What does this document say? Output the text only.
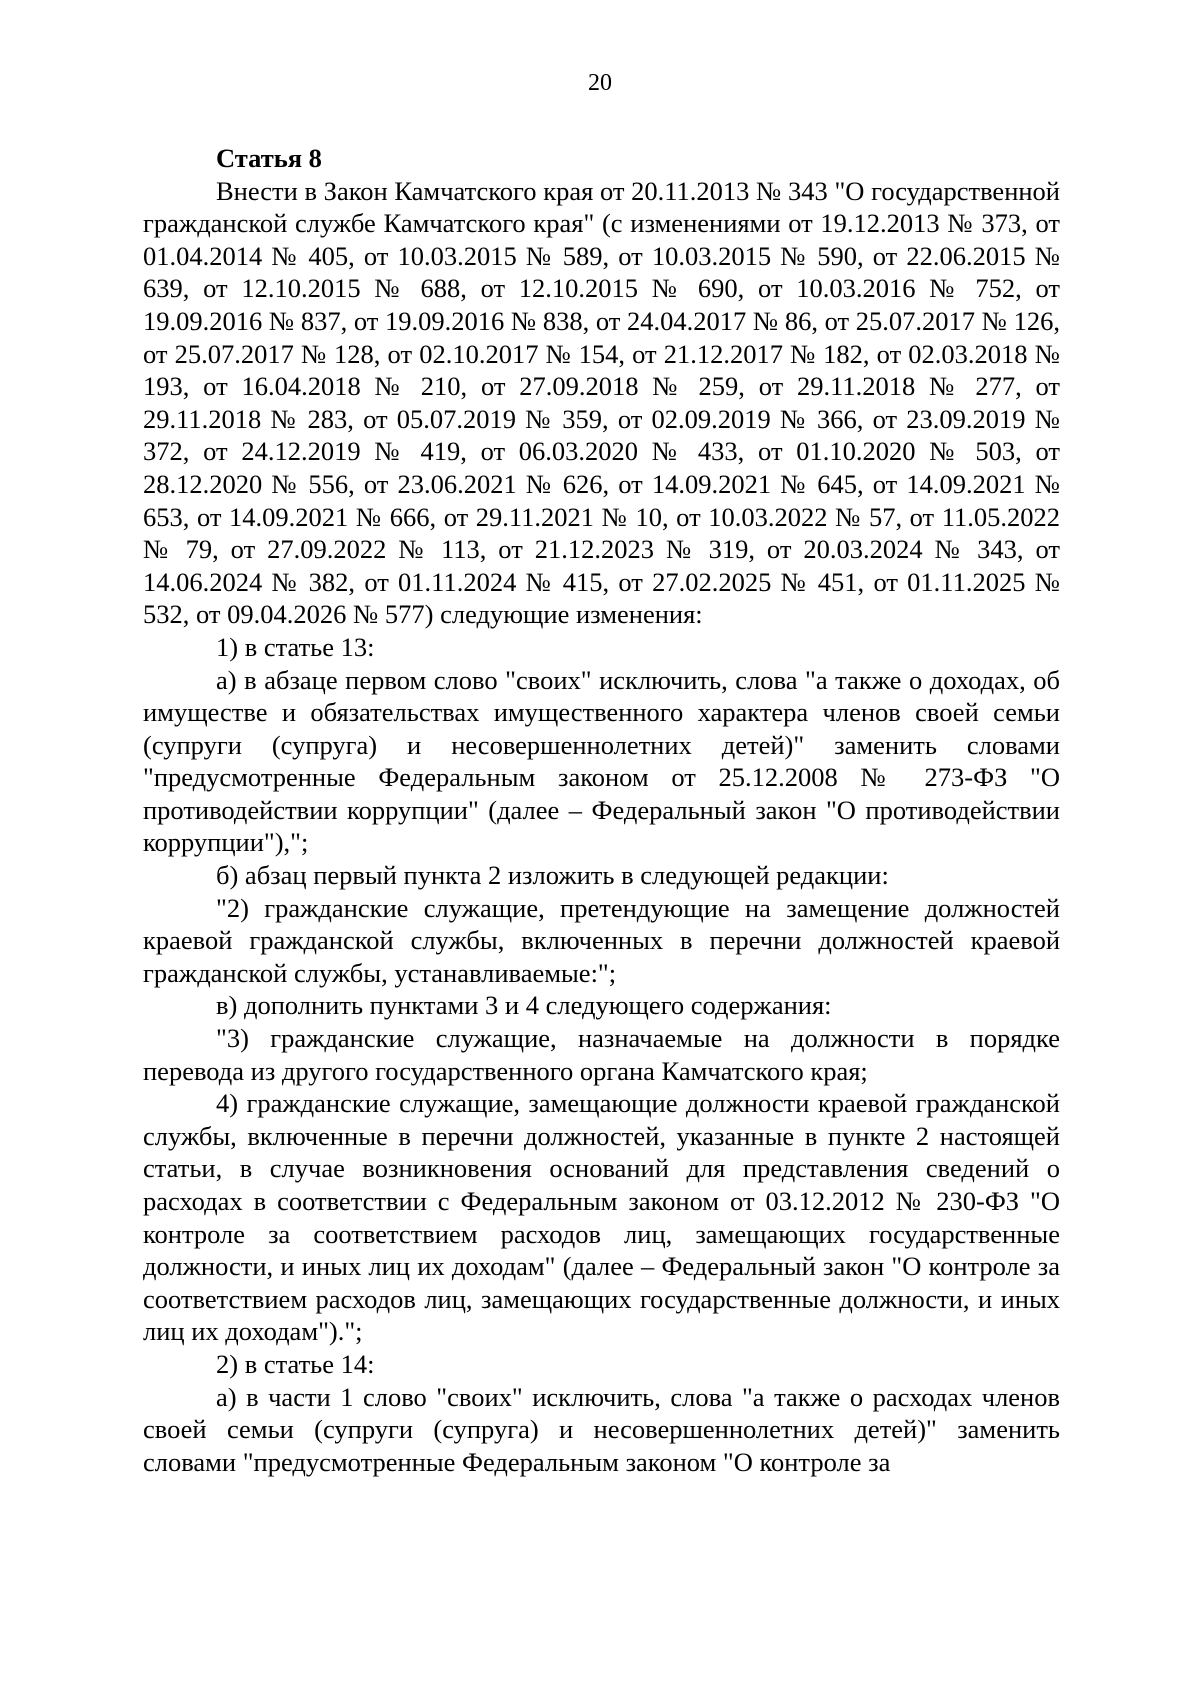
20
Статья 8

Внести в Закон Камчатского края от 20.11.2013 № 343 "О государственной гражданской службе Камчатского края" (с изменениями от 19.12.2013 № 373, от 01.04.2014 № 405, от 10.03.2015 № 589, от 10.03.2015 № 590, от 22.06.2015 № 639, от 12.10.2015 № 688, от 12.10.2015 № 690, от 10.03.2016 № 752, от 19.09.2016 № 837, от 19.09.2016 № 838, от 24.04.2017 № 86, от 25.07.2017 № 126, от 25.07.2017 № 128, от 02.10.2017 № 154, от 21.12.2017 № 182, от 02.03.2018 № 193, от 16.04.2018 № 210, от 27.09.2018 № 259, от 29.11.2018 № 277, от 29.11.2018 № 283, от 05.07.2019 № 359, от 02.09.2019 № 366, от 23.09.2019 № 372, от 24.12.2019 № 419, от 06.03.2020 № 433, от 01.10.2020 № 503, от 28.12.2020 № 556, от 23.06.2021 № 626, от 14.09.2021 № 645, от 14.09.2021 № 653, от 14.09.2021 № 666, от 29.11.2021 № 10, от 10.03.2022 № 57, от 11.05.2022 № 79, от 27.09.2022 № 113, от 21.12.2023 № 319, от 20.03.2024 № 343, от 14.06.2024 № 382, от 01.11.2024 № 415, от 27.02.2025 № 451, от 01.11.2025 № 532, от 09.04.2026 № 577) следующие изменения:

1) в статье 13:

а) в абзаце первом слово "своих" исключить, слова "а также о доходах, об имуществе и обязательствах имущественного характера членов своей семьи (супруги (супруга) и несовершеннолетних детей)" заменить словами "предусмотренные Федеральным законом от 25.12.2008 № 273-ФЗ "О противодействии коррупции" (далее – Федеральный закон "О противодействии коррупции"),";

б) абзац первый пункта 2 изложить в следующей редакции:

"2) гражданские служащие, претендующие на замещение должностей краевой гражданской службы, включенных в перечни должностей краевой гражданской службы, устанавливаемые:";

в) дополнить пунктами 3 и 4 следующего содержания:

"3) гражданские служащие, назначаемые на должности в порядке перевода из другого государственного органа Камчатского края;

4) гражданские служащие, замещающие должности краевой гражданской службы, включенные в перечни должностей, указанные в пункте 2 настоящей статьи, в случае возникновения оснований для представления сведений о расходах в соответствии с Федеральным законом от 03.12.2012 № 230-ФЗ "О контроле за соответствием расходов лиц, замещающих государственные должности, и иных лиц их доходам" (далее – Федеральный закон "О контроле за соответствием расходов лиц, замещающих государственные должности, и иных лиц их доходам").";

2) в статье 14:

а) в части 1 слово "своих" исключить, слова "а также о расходах членов своей семьи (супруги (супруга) и несовершеннолетних детей)" заменить словами "предусмотренные Федеральным законом "О контроле за
